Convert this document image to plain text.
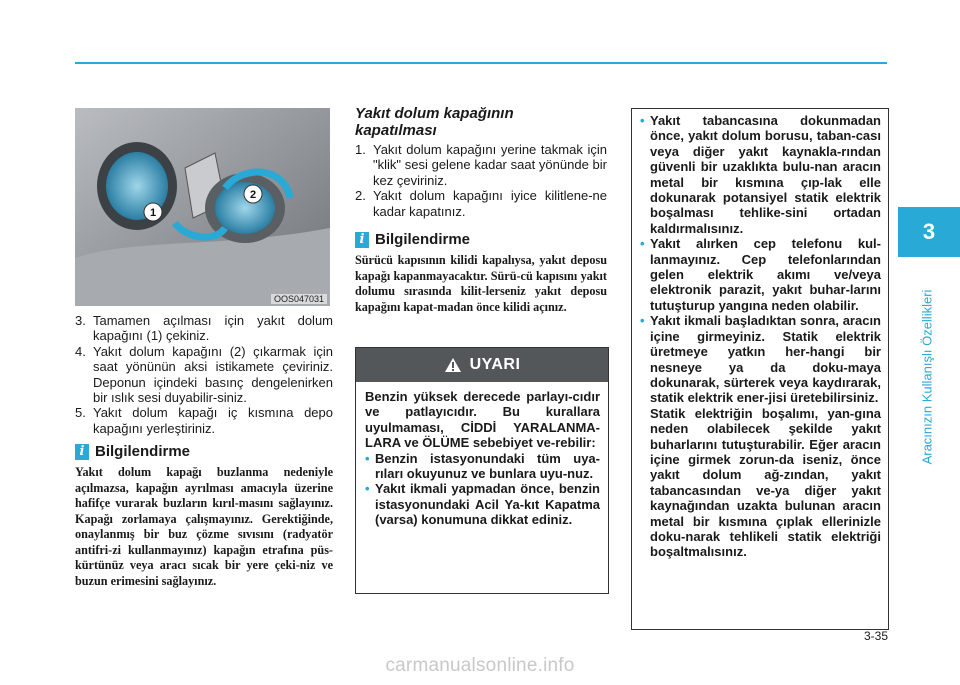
3
Aracınızın Kullanışlı Özellikleri
1
2
OOS047031
3. Tamamen açılması için yakıt dolum kapağını (1) çekiniz.
4. Yakıt dolum kapağını (2) çıkarmak için saat yönünün aksi istikamete çeviriniz. Deponun içindeki basınç dengelenirken bir ıslık sesi duyabilir-siniz.
5. Yakıt dolum kapağı iç kısmına depo kapağını yerleştiriniz.
i Bilgilendirme

Yakıt dolum kapağı buzlanma nedeniyle açılmazsa, kapağın ayrılması amacıyla üzerine hafifçe vurarak buzların kırıl-masını sağlayınız. Kapağı zorlamaya çalışmayınız. Gerektiğinde, onaylanmış bir buz çözme sıvısını (radyatör antifri-zi kullanmayınız) kapağın etrafına püs-kürtünüz veya aracı sıcak bir yere çeki-niz ve buzun erimesini sağlayınız.

Yakıt dolum kapağının
kapatılması
1. Yakıt dolum kapağını yerine takmak için "klik" sesi gelene kadar saat yönünde bir kez çeviriniz.
2. Yakıt dolum kapağını iyice kilitlene-ne kadar kapatınız.
i Bilgilendirme

Sürücü kapısının kilidi kapalıysa, yakıt deposu kapağı kapanmayacaktır. Sürü-cü kapısını yakıt dolumu sırasında kilit-lerseniz yakıt deposu kapağını kapat-madan önce kilidi açınız.

UYARI

Benzin yüksek derecede parlayı-cıdır ve patlayıcıdır. Bu kurallara uyulmaması, CİDDİ YARALANMA-LARA ve ÖLÜME sebebiyet ve-rebilir:

• Benzin istasyonundaki tüm uya-rıları okuyunuz ve bunlara uyu-nuz.
• Yakıt ikmali yapmadan önce, benzin istasyonundaki Acil Ya-kıt Kapatma (varsa) konumuna dikkat ediniz.
• Yakıt tabancasına dokunmadan önce, yakıt dolum borusu, taban-cası veya diğer yakıt kaynakla-rından güvenli bir uzaklıkta bulu-nan aracın metal bir kısmına çıp-lak elle dokunarak potansiyel statik elektrik boşalması tehlike-sini ortadan kaldırmalısınız.
• Yakıt alırken cep telefonu kul-lanmayınız. Cep telefonlarından gelen elektrik akımı ve/veya elektronik parazit, yakıt buhar-larını tutuşturup yangına neden olabilir.
• Yakıt ikmali başladıktan sonra, aracın içine girmeyiniz. Statik elektrik üretmeye yatkın her-hangi bir nesneye ya da doku-maya dokunarak, sürterek veya kaydırarak, statik elektrik ener-jisi üretebilirsiniz.

Statik elektriğin boşalımı, yan-gına neden olabilecek şekilde yakıt buharlarını tutuşturabilir. Eğer aracın içine girmek zorun-da iseniz, önce yakıt dolum ağ-zından, yakıt tabancasından ve-ya diğer yakıt kaynağından uzakta bulunan aracın metal bir kısmına çıplak ellerinizle doku-narak tehlikeli statik elektriği boşaltmalısınız.

3-35
carmanualsonline.info
